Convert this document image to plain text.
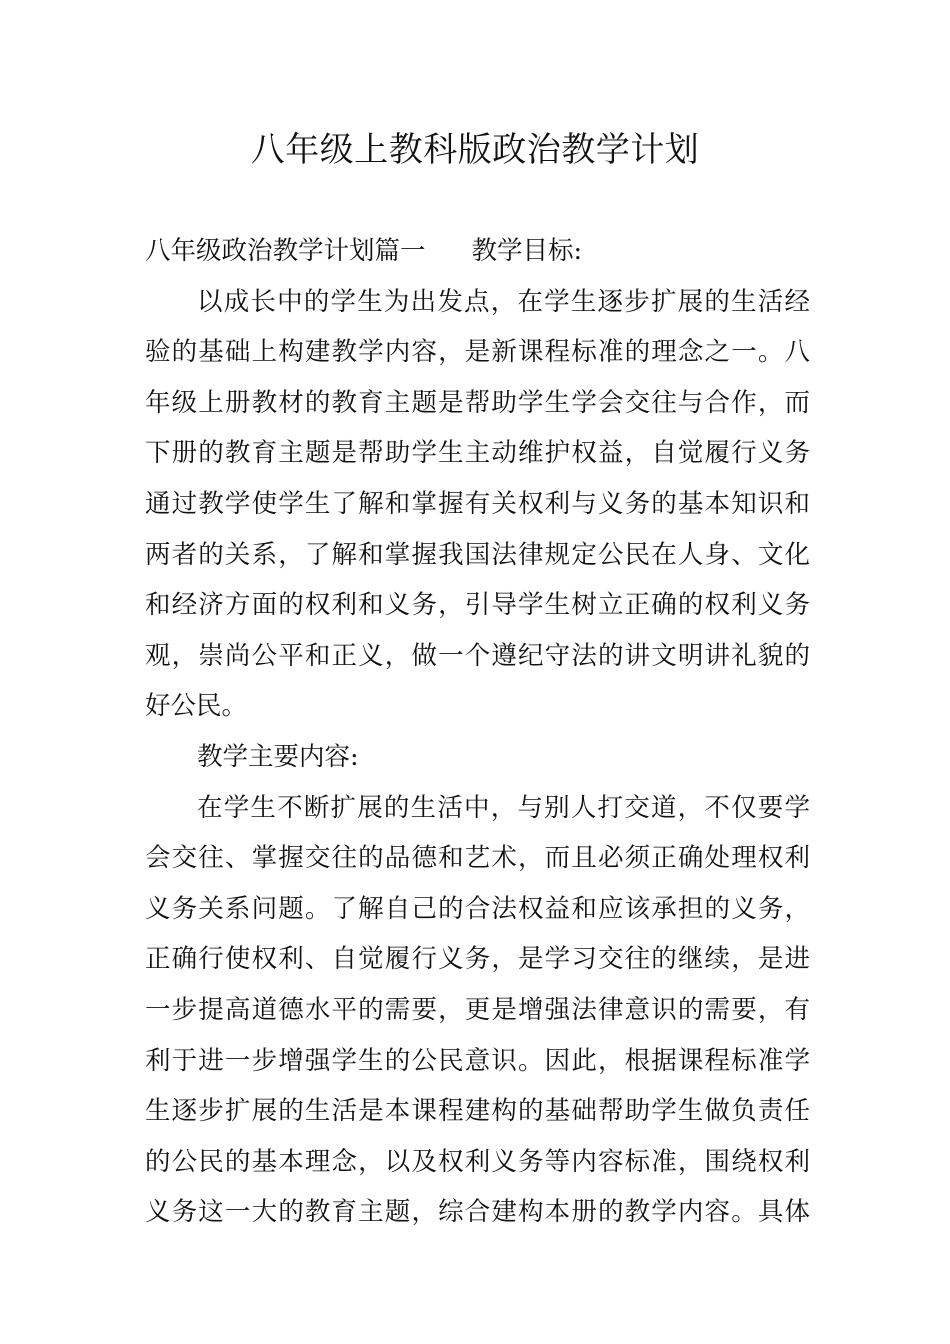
八年级上教科版政治教学计划
八年级政治教学计划篇一 教学目标:
以成长中的学生为出发点，在学生逐步扩展的生活经
验的基础上构建教学内容，是新课程标准的理念之一。八
年级上册教材的教育主题是帮助学生学会交往与合作，而
下册的教育主题是帮助学生主动维护权益，自觉履行义务
通过教学使学生了解和掌握有关权利与义务的基本知识和
两者的关系，了解和掌握我国法律规定公民在人身、文化
和经济方面的权利和义务，引导学生树立正确的权利义务
观，崇尚公平和正义，做一个遵纪守法的讲文明讲礼貌的
好公民。
教学主要内容:
在学生不断扩展的生活中，与别人打交道，不仅要学
会交往、掌握交往的品德和艺术，而且必须正确处理权利
义务关系问题。了解自己的合法权益和应该承担的义务，
正确行使权利、自觉履行义务，是学习交往的继续，是进
一步提高道德水平的需要，更是增强法律意识的需要，有
利于进一步增强学生的公民意识。因此，根据课程标准学
生逐步扩展的生活是本课程建构的基础帮助学生做负责任
的公民的基本理念，以及权利义务等内容标准，围绕权利
义务这一大的教育主题，综合建构本册的教学内容。具体
